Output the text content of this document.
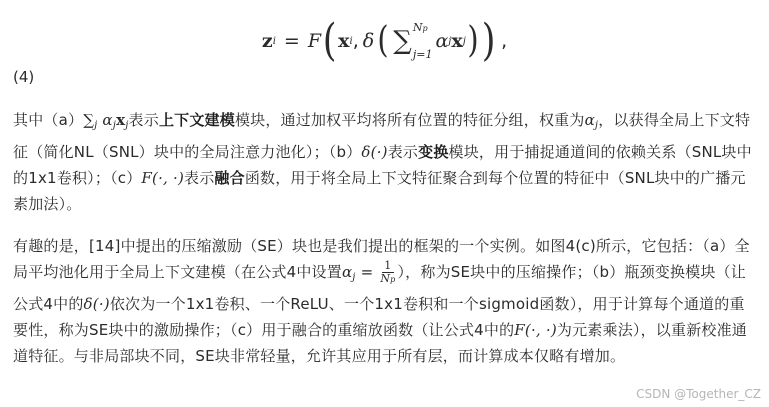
z i = F ( x i , δ ( ∑ Np
j=1
α j x j ) ) ,
(4)
其中$(a)\sum_j$ $\alpha_jx_j$表示上下文建模模块，通过加权平均将所有位置的特征分组，权重为$\alpha_j$，以获得全局上下文特征（简化NL（SNL）块中的全局注意力池化）；（b）δ(·)表示变换模块，用于捕捉通道间的依赖关系（SNL块中的1x1卷积）；（c）F(·, ·)表示融合函数，用于将全局上下文特征聚合到每个位置的特征中（SNL块中的广播元素加法）。
有趣的是，[14]中提出的压缩激励（SE）块也是我们提出的框架的一个实例。如图4(c)所示，它包括：（a）全局平均池化用于全局上下文建模（在公式4中设置$\alpha_j = \frac{1}{Np}$ ），称为SE块中的压缩操作；（b）瓶颈变换模块（让公式4中的δ(·)依次为一个1x1卷积、一个ReLU、一个1x1卷积和一个sigmoid函数），用于计算每个通道的重要性，称为SE块中的激励操作；（c）用于融合的重缩放函数（让公式4中的F(·, ·)为元素乘法），以重新校准通道特征。与非局部块不同，SE块非常轻量，允许其应用于所有层，而计算成本仅略有增加。
CSDN @Together_CZ
